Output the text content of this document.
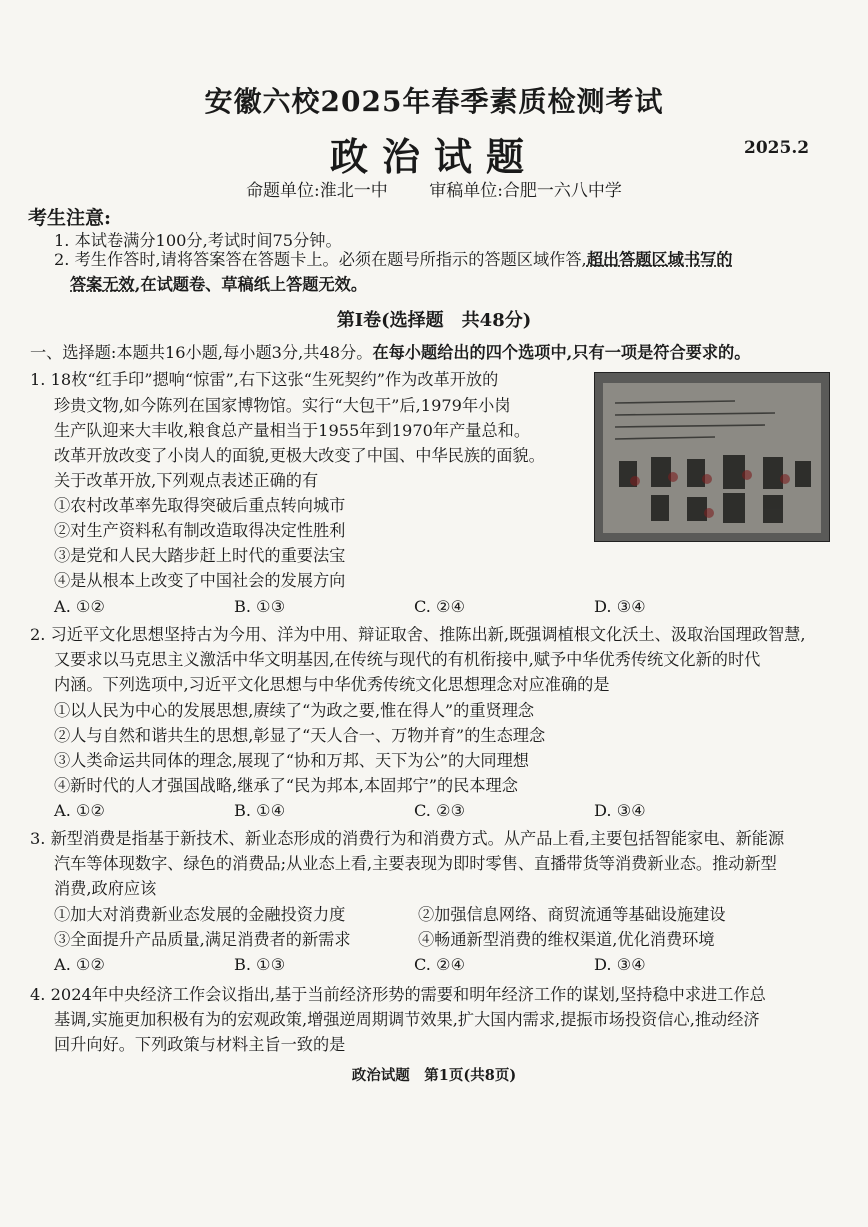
安徽六校2025年春季素质检测考试
政治试题	2025.2
命题单位:淮北一中 审稿单位:合肥一六八中学
考生注意:
1. 本试卷满分100分,考试时间75分钟。
2. 考生作答时,请将答案答在答题卡上。必须在题号所指示的答题区域作答,超出答题区域书写的
答案无效,在试题卷、草稿纸上答题无效。
第Ⅰ卷(选择题　共48分)
一、选择题:本题共16小题,每小题3分,共48分。在每小题给出的四个选项中,只有一项是符合要求的。
1. 18枚“红手印”摁响“惊雷”,右下这张“生死契约”作为改革开放的
珍贵文物,如今陈列在国家博物馆。实行“大包干”后,1979年小岗
生产队迎来大丰收,粮食总产量相当于1955年到1970年产量总和。
改革开放改变了小岗人的面貌,更极大改变了中国、中华民族的面貌。
关于改革开放,下列观点表述正确的有
①农村改革率先取得突破后重点转向城市
②对生产资料私有制改造取得决定性胜利
③是党和人民大踏步赶上时代的重要法宝
④是从根本上改变了中国社会的发展方向
A. ①②	B. ①③	C. ②④	D. ③④
2. 习近平文化思想坚持古为今用、洋为中用、辩证取舍、推陈出新,既强调植根文化沃土、汲取治国理政智慧,
又要求以马克思主义激活中华文明基因,在传统与现代的有机衔接中,赋予中华优秀传统文化新的时代
内涵。下列选项中,习近平文化思想与中华优秀传统文化思想理念对应准确的是
①以人民为中心的发展思想,赓续了“为政之要,惟在得人”的重贤理念
②人与自然和谐共生的思想,彰显了“天人合一、万物并育”的生态理念
③人类命运共同体的理念,展现了“协和万邦、天下为公”的大同理想
④新时代的人才强国战略,继承了“民为邦本,本固邦宁”的民本理念
A. ①②	B. ①④	C. ②③	D. ③④
3. 新型消费是指基于新技术、新业态形成的消费行为和消费方式。从产品上看,主要包括智能家电、新能源
汽车等体现数字、绿色的消费品;从业态上看,主要表现为即时零售、直播带货等消费新业态。推动新型
消费,政府应该
①加大对消费新业态发展的金融投资力度	②加强信息网络、商贸流通等基础设施建设
③全面提升产品质量,满足消费者的新需求	④畅通新型消费的维权渠道,优化消费环境
A. ①②	B. ①③	C. ②④	D. ③④
4. 2024年中央经济工作会议指出,基于当前经济形势的需要和明年经济工作的谋划,坚持稳中求进工作总
基调,实施更加积极有为的宏观政策,增强逆周期调节效果,扩大国内需求,提振市场投资信心,推动经济
回升向好。下列政策与材料主旨一致的是
政治试题　第1页(共8页)
